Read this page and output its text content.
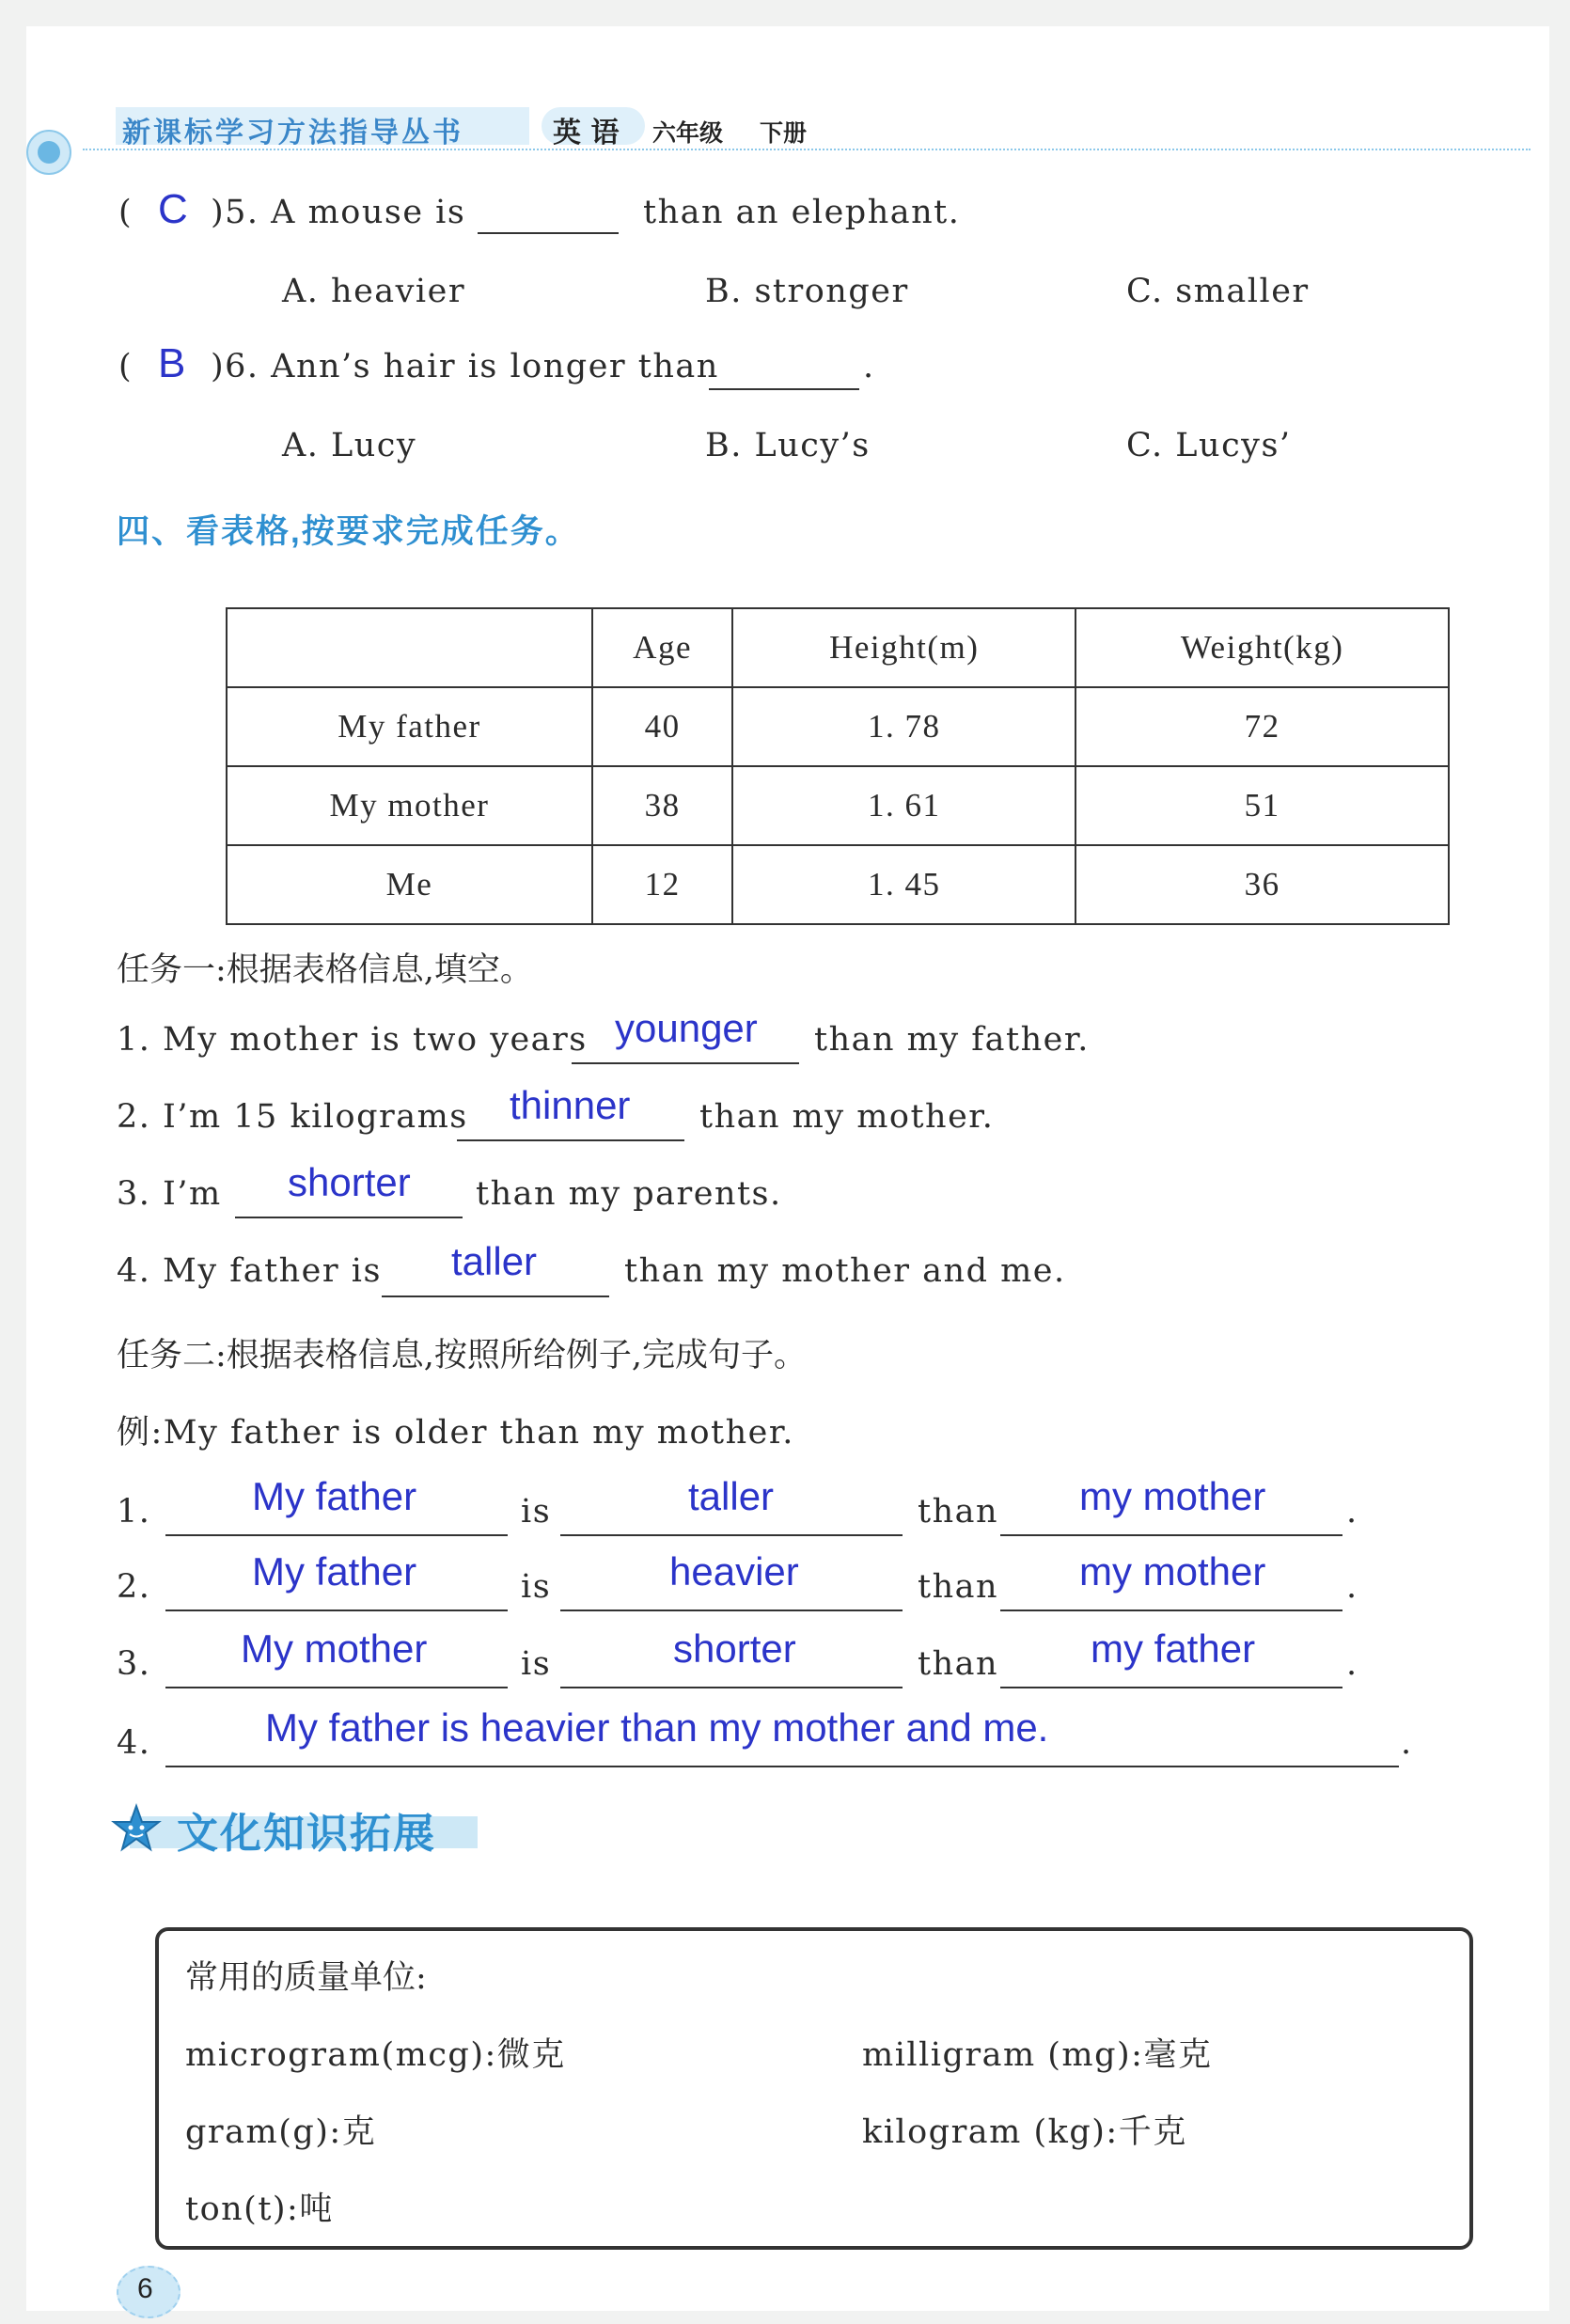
新课标学习方法指导丛书	英 语 六年级 下册
( C )5. A mouse is	than an elephant.
A. heavier	B. stronger	C. smaller
( B )6. Ann’s hair is longer than	.
A. Lucy	B. Lucy’s	C. Lucys’
四、看表格,按要求完成任务。
	Age	Height(m)	Weight(kg)
My father	40	1. 78	72
My mother	38	1. 61	51
Me	12	1. 45	36
任务一:根据表格信息,填空。
1. My mother is two years younger than my father.
2. I’m 15 kilograms thinner than my mother.
3. I’m shorter than my parents.
4. My father is taller	than my mother and me.
任务二:根据表格信息,按照所给例子,完成句子。
例:My father is older than my mother.
1.	My father	is	taller	than my mother .
2.	My father	is	heavier	than my mother .
3. My mother	is	shorter	than my father	.
4.	My father is heavier than my mother and me.	.
文化知识拓展
常用的质量单位:
microgram(mcg):微克	milligram (mg):毫克
gram(g):克	kilogram (kg):千克
ton(t):吨
6
